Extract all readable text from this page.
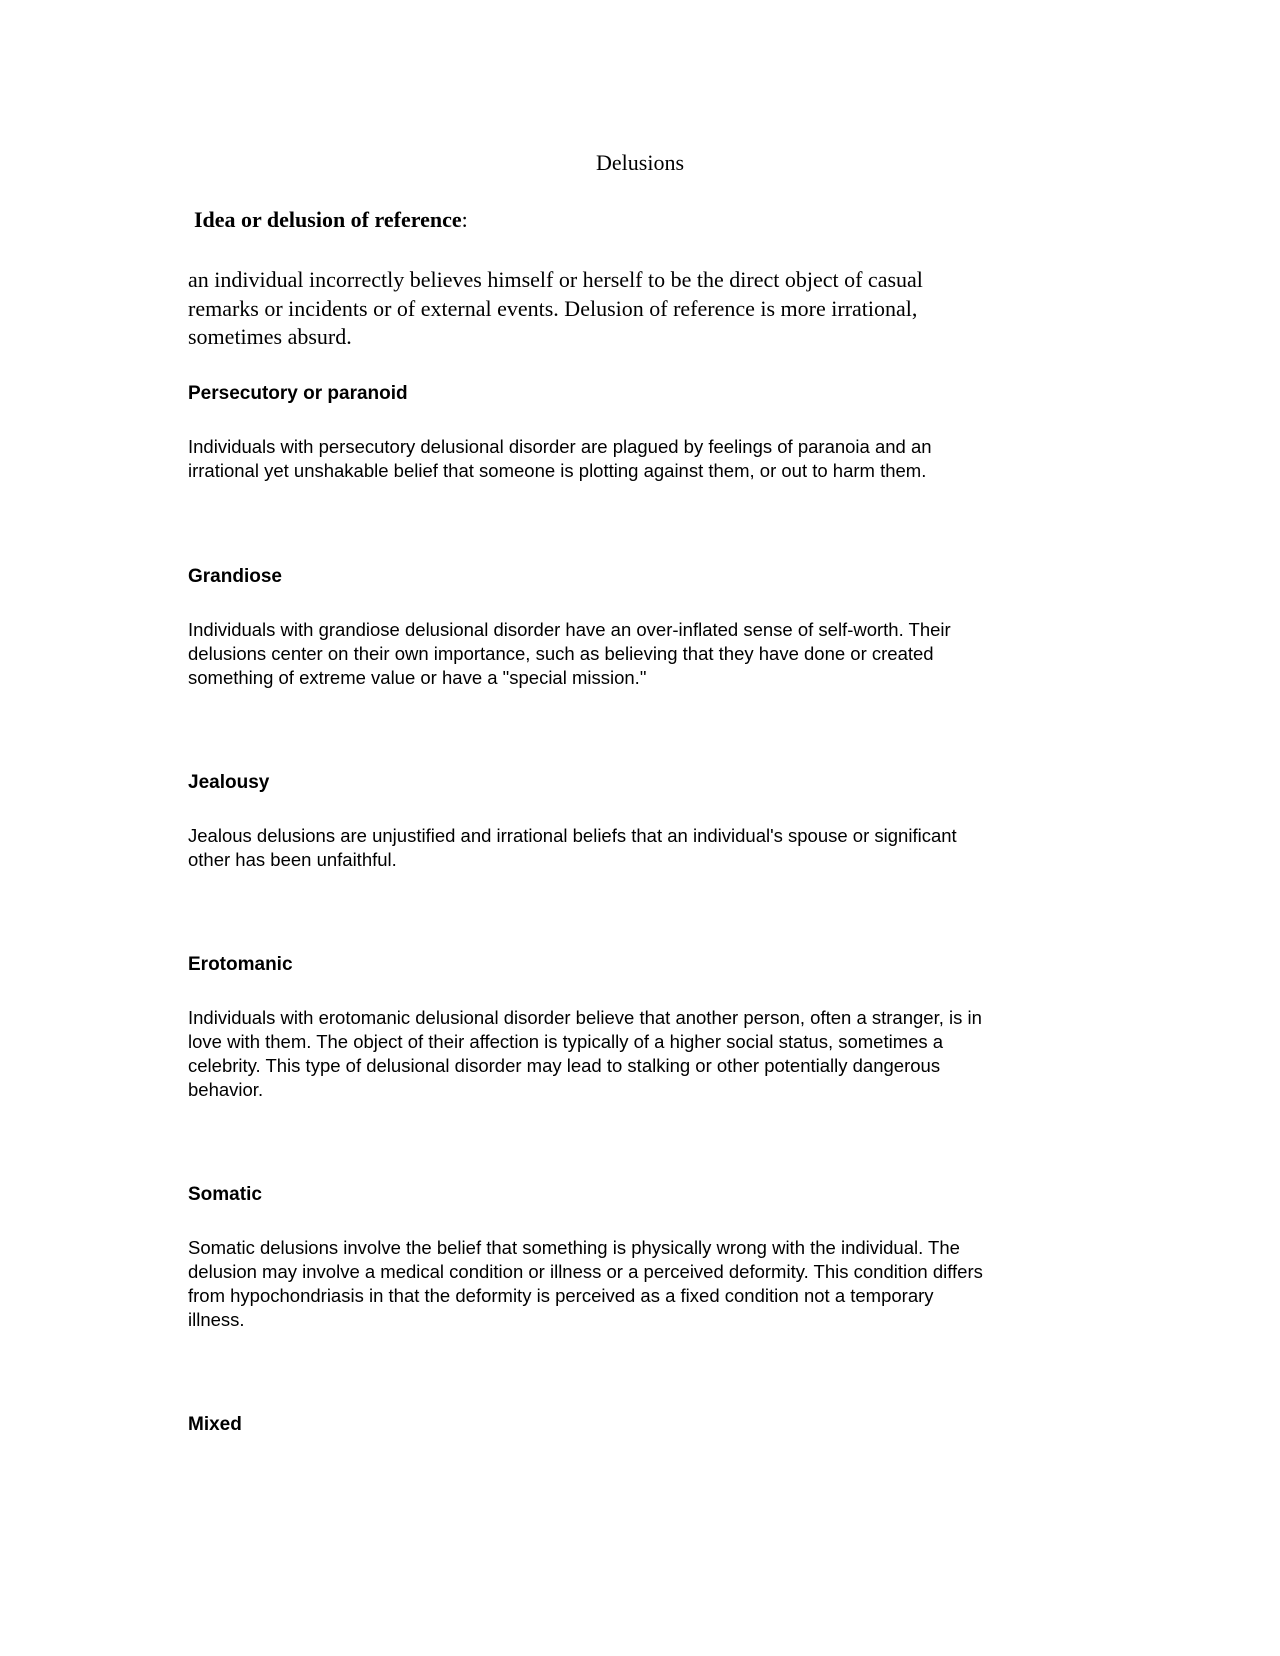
Delusions
Idea or delusion of reference:
an individual incorrectly believes himself or herself to be the direct object of casual
remarks or incidents or of external events. Delusion of reference is more irrational,
sometimes absurd.
Persecutory or paranoid
Individuals with persecutory delusional disorder are plagued by feelings of paranoia and an
irrational yet unshakable belief that someone is plotting against them, or out to harm them.
Grandiose
Individuals with grandiose delusional disorder have an over-inflated sense of self-worth. Their
delusions center on their own importance, such as believing that they have done or created
something of extreme value or have a "special mission."
Jealousy
Jealous delusions are unjustified and irrational beliefs that an individual's spouse or significant
other has been unfaithful.
Erotomanic
Individuals with erotomanic delusional disorder believe that another person, often a stranger, is in
love with them. The object of their affection is typically of a higher social status, sometimes a
celebrity. This type of delusional disorder may lead to stalking or other potentially dangerous
behavior.
Somatic
Somatic delusions involve the belief that something is physically wrong with the individual. The
delusion may involve a medical condition or illness or a perceived deformity. This condition differs
from hypochondriasis in that the deformity is perceived as a fixed condition not a temporary
illness.
Mixed
